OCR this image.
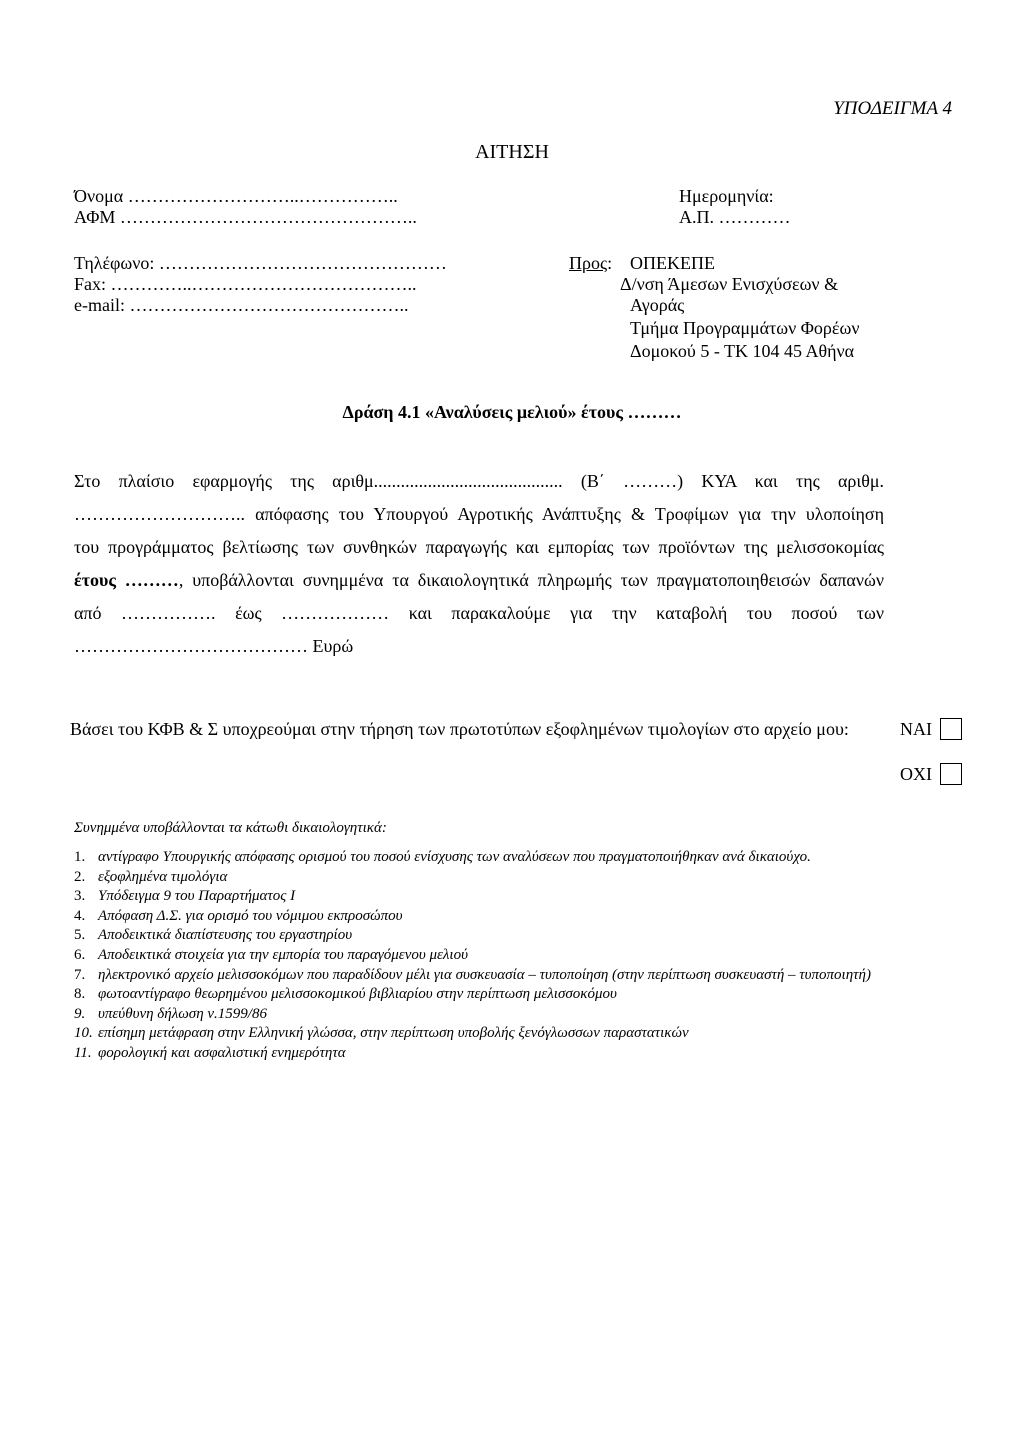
ΥΠΟΔΕΙΓΜΑ 4
ΑΙΤΗΣΗ
Όνομα ………………………..……………..
ΑΦΜ …………………………………………..
Τηλέφωνο: …………………………………………
Fax: …………..………………………………..
e-mail: ………………………………………..
Ημερομηνία:
Α.Π. …………
Προς: ΟΠΕΚΕΠΕ
Δ/νση Άμεσων Ενισχύσεων &
Αγοράς
Τμήμα Προγραμμάτων Φορέων
Δομοκού 5 - ΤΚ 104 45 Αθήνα
Δράση 4.1 «Αναλύσεις μελιού» έτους ………
Στο πλαίσιο εφαρμογής της αριθμ.......................................... (Β΄ ………) ΚΥΑ και της αριθμ.
……………………….. απόφασης του Υπουργού Αγροτικής Ανάπτυξης & Τροφίμων για την υλοποίηση
του προγράμματος βελτίωσης των συνθηκών παραγωγής και εμπορίας των προϊόντων της μελισσοκομίας
έτους ………, υποβάλλονται συνημμένα τα δικαιολογητικά πληρωμής των πραγματοποιηθεισών δαπανών
από ……………. έως ……………… και παρακαλούμε για την καταβολή του ποσού των
………………………………… Ευρώ
Βάσει του ΚΦΒ & Σ υποχρεούμαι στην τήρηση των πρωτοτύπων εξοφλημένων τιμολογίων στο αρχείο μου:	ΝΑΙ
ΟΧΙ
Συνημμένα υποβάλλονται τα κάτωθι δικαιολογητικά:
1. αντίγραφο Υπουργικής απόφασης ορισμού του ποσού ενίσχυσης των αναλύσεων που πραγματοποιήθηκαν ανά δικαιούχο.
2. εξοφλημένα τιμολόγια
3. Υπόδειγμα 9 του Παραρτήματος Ι
4. Απόφαση Δ.Σ. για ορισμό του νόμιμου εκπροσώπου
5. Αποδεικτικά διαπίστευσης του εργαστηρίου
6. Αποδεικτικά στοιχεία για την εμπορία του παραγόμενου μελιού
7. ηλεκτρονικό αρχείο μελισσοκόμων που παραδίδουν μέλι για συσκευασία – τυποποίηση (στην περίπτωση συσκευαστή – τυποποιητή)
8. φωτοαντίγραφο θεωρημένου μελισσοκομικού βιβλιαρίου στην περίπτωση μελισσοκόμου
9. υπεύθυνη δήλωση ν.1599/86
10. επίσημη μετάφραση στην Ελληνική γλώσσα, στην περίπτωση υποβολής ξενόγλωσσων παραστατικών
11. φορολογική και ασφαλιστική ενημερότητα
